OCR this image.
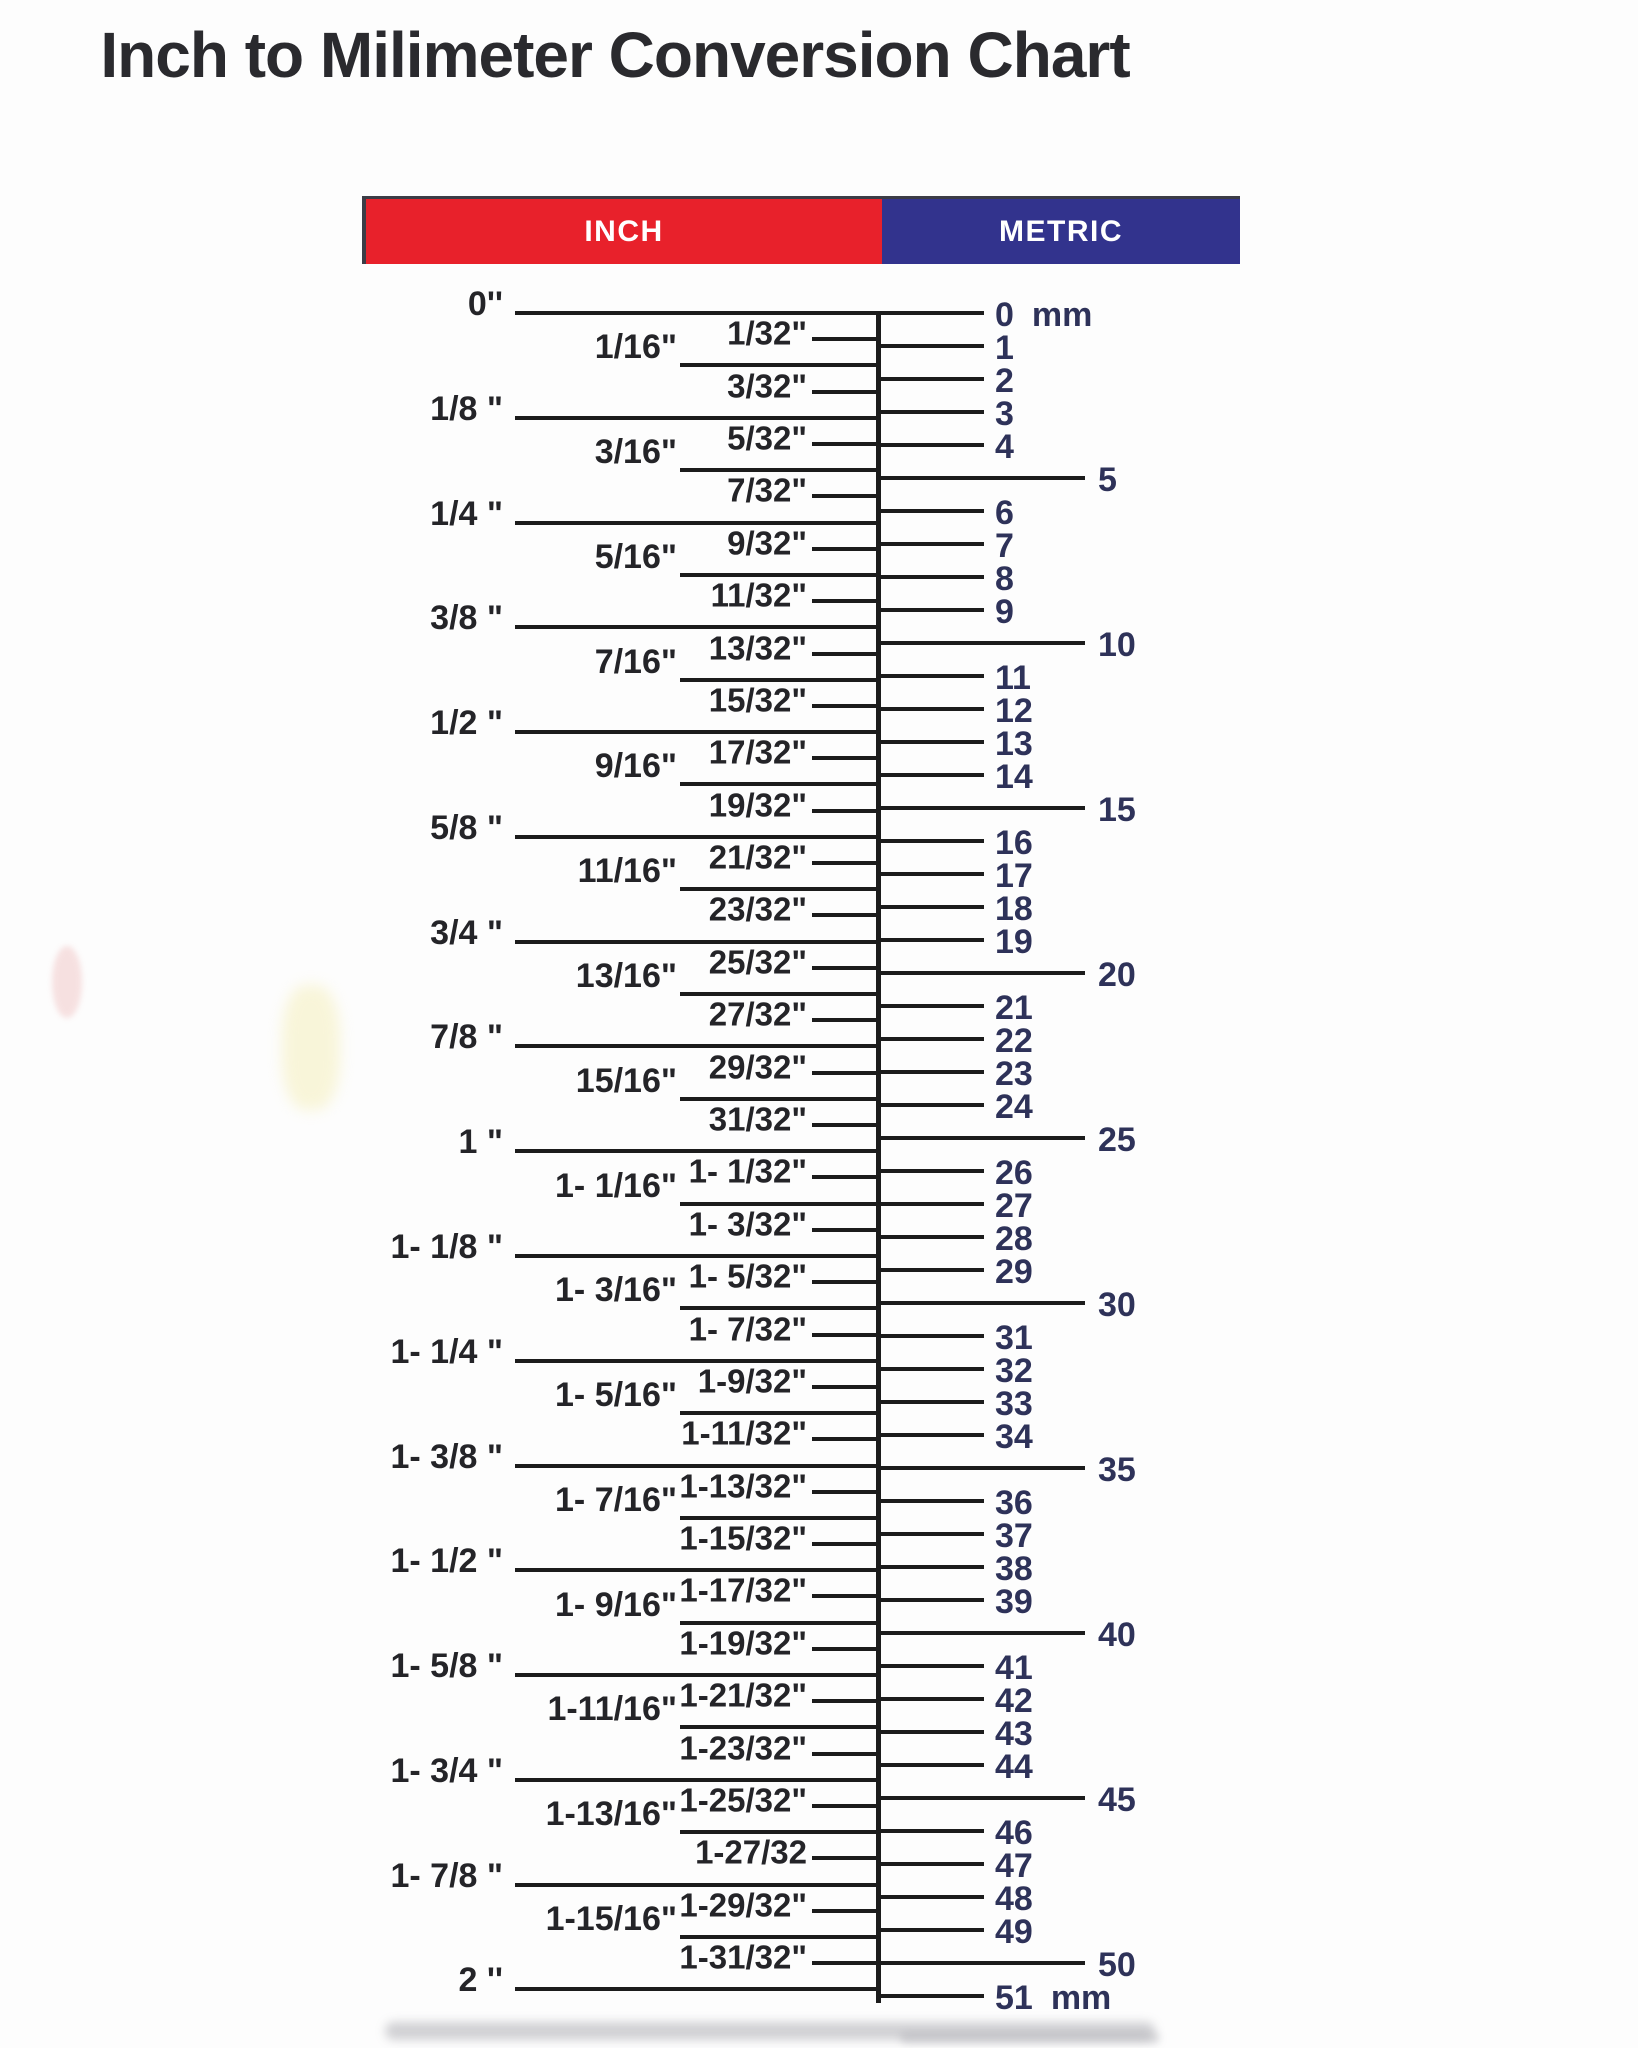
Inch to Milimeter Conversion Chart
INCH	METRIC
0''
1/32"
1/16"
3/32"
1/8 "
5/32"
3/16"
7/32"
1/4 "
9/32"
5/16"
11/32"
3/8 "
13/32"
7/16"
15/32"
1/2 "
17/32"
9/16"
19/32"
5/8 "
21/32"
11/16"
23/32"
3/4 "
25/32"
13/16"
27/32"
7/8 "
29/32"
15/16"
31/32"
1 "
1- 1/32"
1- 1/16"
1- 3/32"
1- 1/8 "
1- 5/32"
1- 3/16"
1- 7/32"
1- 1/4 "
1-9/32"
1- 5/16"
1-11/32"
1- 3/8 "
1-13/32"
1- 7/16"
1-15/32"
1- 1/2 "
1-17/32"
1- 9/16"
1-19/32"
1- 5/8 "
1-21/32"
1-11/16"
1-23/32"
1- 3/4 "
1-25/32"
1-13/16"
1-27/32
1- 7/8 "
1-29/32"
1-15/16"
1-31/32"
2 ''
0 mm
1
2
3
4
5
6
7
8
9
10
11
12
13
14
15
16
17
18
19
20
21
22
23
24
25
26
27
28
29
30
31
32
33
34
35
36
37
38
39
40
41
42
43
44
45
46
47
48
49
50
51 mm
